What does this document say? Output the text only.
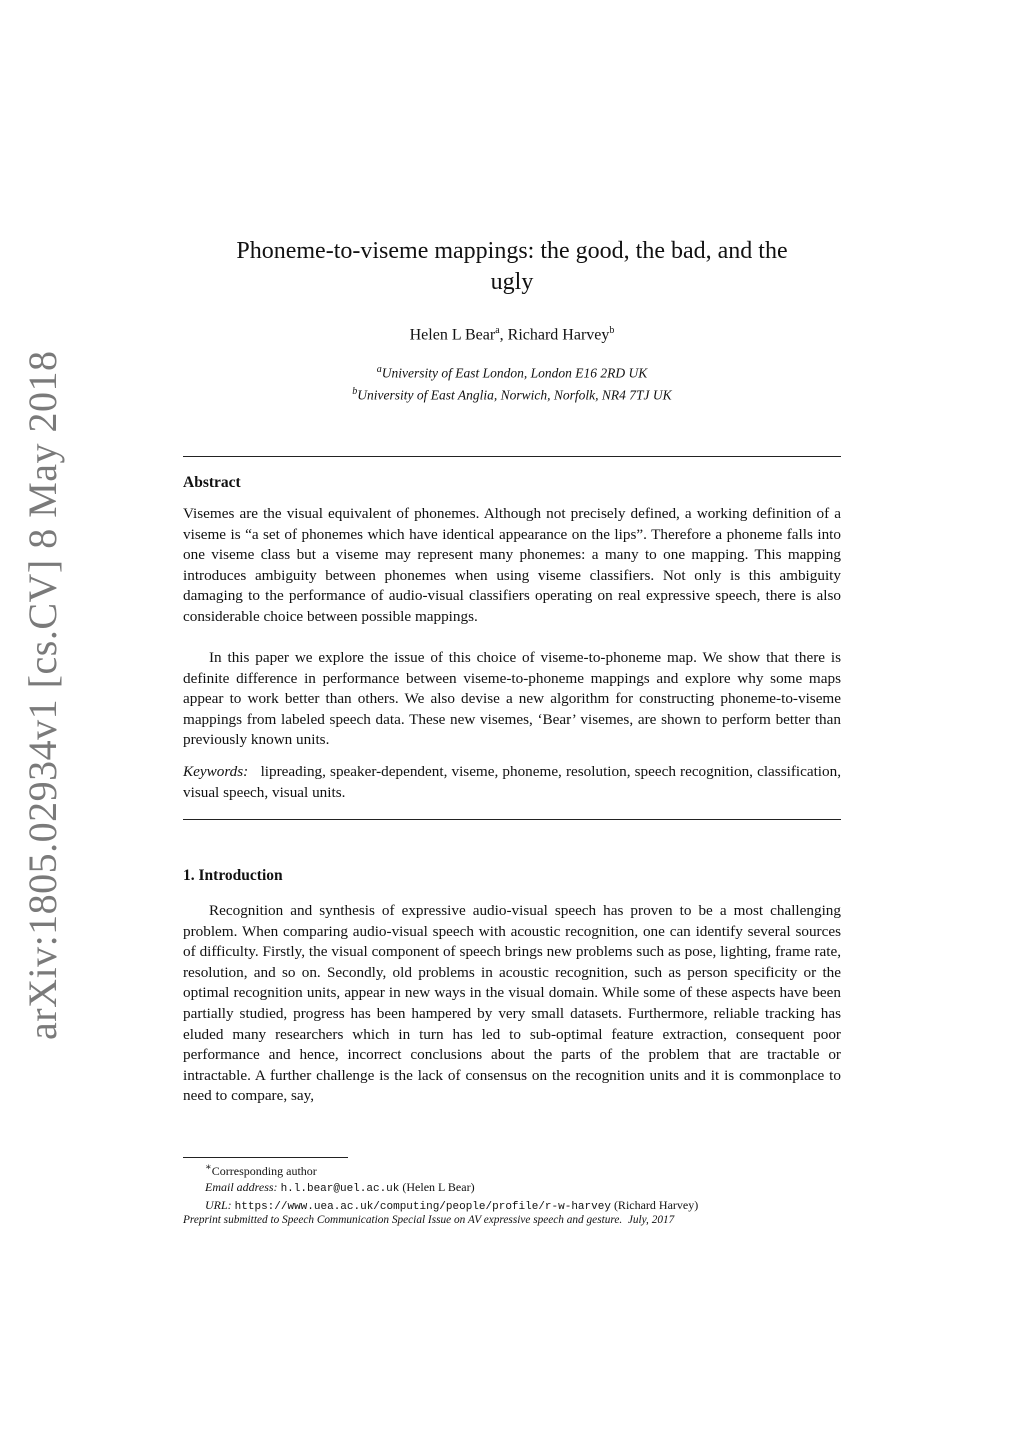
arXiv:1805.02934v1 [cs.CV] 8 May 2018
Phoneme-to-viseme mappings: the good, the bad, and the
ugly
Helen L Bear$^a$, Richard Harvey$^b$
$^a$University of East London, London E16 2RD UK
$^b$University of East Anglia, Norwich, Norfolk, NR4 7TJ UK
Abstract

Visemes are the visual equivalent of phonemes. Although not precisely defined, a working definition of a viseme is “a set of phonemes which have identical appearance on the lips”. Therefore a phoneme falls into one viseme class but a viseme may represent many phonemes: a many to one mapping. This mapping introduces ambiguity between phonemes when using viseme classifiers. Not only is this ambiguity damaging to the performance of audio-visual classifiers operating on real expressive speech, there is also considerable choice between possible mappings.

In this paper we explore the issue of this choice of viseme-to-phoneme map. We show that there is definite difference in performance between viseme-to-phoneme mappings and explore why some maps appear to work better than others. We also devise a new algorithm for constructing phoneme-to-viseme mappings from labeled speech data. These new visemes, ‘Bear’ visemes, are shown to perform better than previously known units.

Keywords: lipreading, speaker-dependent, viseme, phoneme, resolution, speech recognition, classification, visual speech, visual units.

1. Introduction

Recognition and synthesis of expressive audio-visual speech has proven to be a most challenging problem. When comparing audio-visual speech with acoustic recognition, one can identify several sources of difficulty. Firstly, the visual component of speech brings new problems such as pose, lighting, frame rate, resolution, and so on. Secondly, old problems in acoustic recognition, such as person specificity or the optimal recognition units, appear in new ways in the visual domain. While some of these aspects have been partially studied, progress has been hampered by very small datasets. Furthermore, reliable tracking has eluded many researchers which in turn has led to sub-optimal feature extraction, consequent poor performance and hence, incorrect conclusions about the parts of the problem that are tractable or intractable. A further challenge is the lack of consensus on the recognition units and it is commonplace to need to compare, say,

∗Corresponding author
Email address: h.l.bear@uel.ac.uk (Helen L Bear)
URL: https://www.uea.ac.uk/computing/people/profile/r-w-harvey (Richard Harvey)
Preprint submitted to Speech Communication Special Issue on AV expressive speech and gesture. July, 2017
